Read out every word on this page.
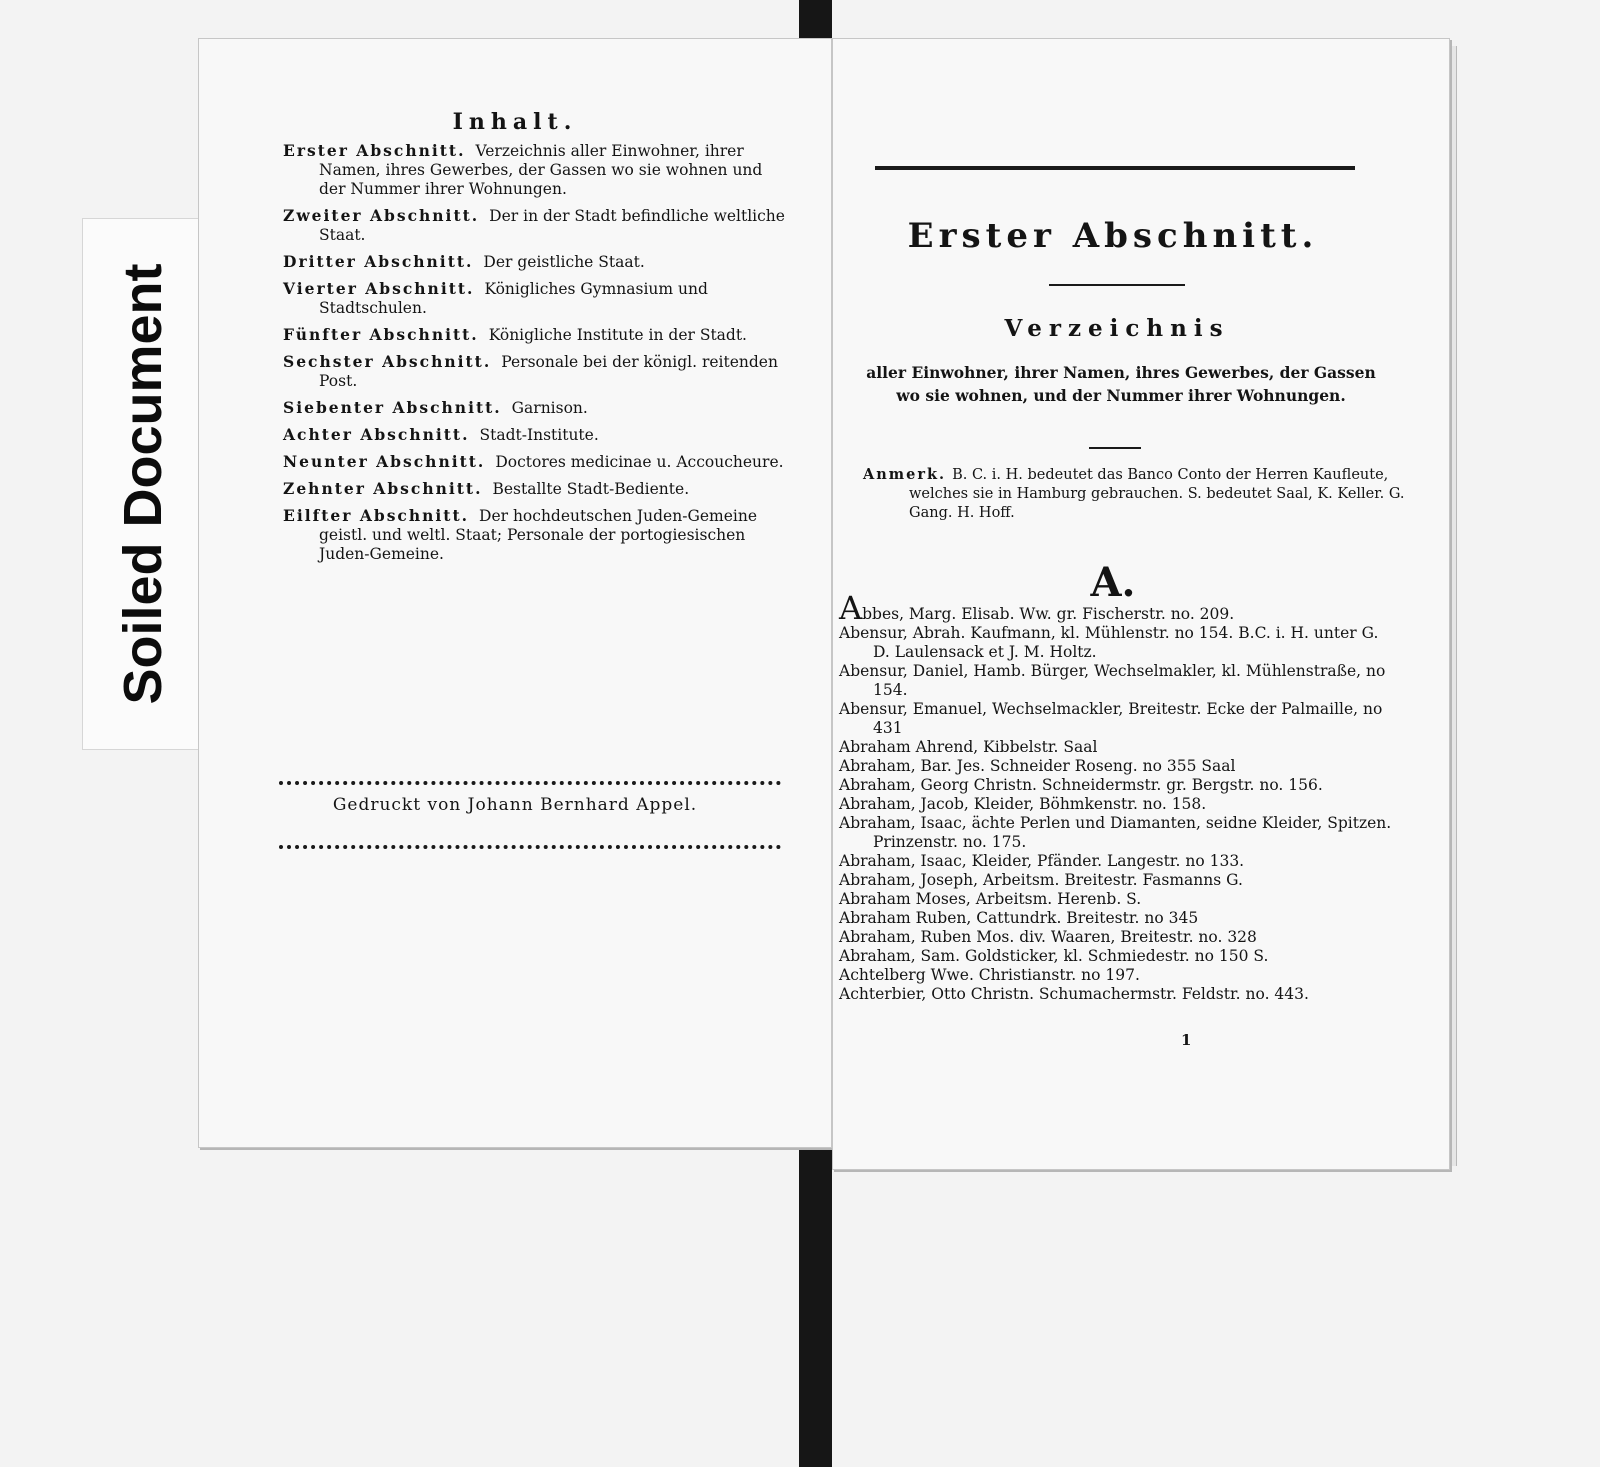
Soiled Document
Inhalt.
Erster Abschnitt. Verzeichnis aller Einwohner, ihrer Namen, ihres Gewerbes, der Gassen wo sie wohnen und der Nummer ihrer Wohnungen.
Zweiter Abschnitt. Der in der Stadt befindliche weltliche Staat.
Dritter Abschnitt. Der geistliche Staat.
Vierter Abschnitt. Königliches Gymnasium und Stadtschulen.
Fünfter Abschnitt. Königliche Institute in der Stadt.
Sechster Abschnitt. Personale bei der königl. reitenden Post.
Siebenter Abschnitt. Garnison.
Achter Abschnitt. Stadt-Institute.
Neunter Abschnitt. Doctores medicinae u. Accoucheure.
Zehnter Abschnitt. Bestallte Stadt-Bediente.
Eilfter Abschnitt. Der hochdeutschen Juden-Gemeine geistl. und weltl. Staat; Personale der portogiesischen Juden-Gemeine.
Gedruckt von Johann Bernhard Appel.
Erster Abschnitt.
Verzeichnis
aller Einwohner, ihrer Namen, ihres Gewerbes, der Gassen wo sie wohnen, und der Nummer ihrer Wohnungen.
Anmerk. B. C. i. H. bedeutet das Banco Conto der Herren Kaufleute, welches sie in Hamburg gebrauchen. S. bedeutet Saal, K. Keller. G. Gang. H. Hoff.
A.
Abbes, Marg. Elisab. Ww. gr. Fischerstr. no. 209.
Abensur, Abrah. Kaufmann, kl. Mühlenstr. no 154. B.C. i. H. unter G. D. Laulensack et J. M. Holtz.
Abensur, Daniel, Hamb. Bürger, Wechselmakler, kl. Mühlenstraße, no 154.
Abensur, Emanuel, Wechselmackler, Breitestr. Ecke der Palmaille, no 431
Abraham Ahrend, Kibbelstr. Saal
Abraham, Bar. Jes. Schneider Roseng. no 355 Saal
Abraham, Georg Christn. Schneidermstr. gr. Bergstr. no. 156.
Abraham, Jacob, Kleider, Böhmkenstr. no. 158.
Abraham, Isaac, ächte Perlen und Diamanten, seidne Kleider, Spitzen. Prinzenstr. no. 175.
Abraham, Isaac, Kleider, Pfänder. Langestr. no 133.
Abraham, Joseph, Arbeitsm. Breitestr. Fasmanns G.
Abraham Moses, Arbeitsm. Herenb. S.
Abraham Ruben, Cattundrk. Breitestr. no 345
Abraham, Ruben Mos. div. Waaren, Breitestr. no. 328
Abraham, Sam. Goldsticker, kl. Schmiedestr. no 150 S.
Achtelberg Wwe. Christianstr. no 197.
Achterbier, Otto Christn. Schumachermstr. Feldstr. no. 443.
1
